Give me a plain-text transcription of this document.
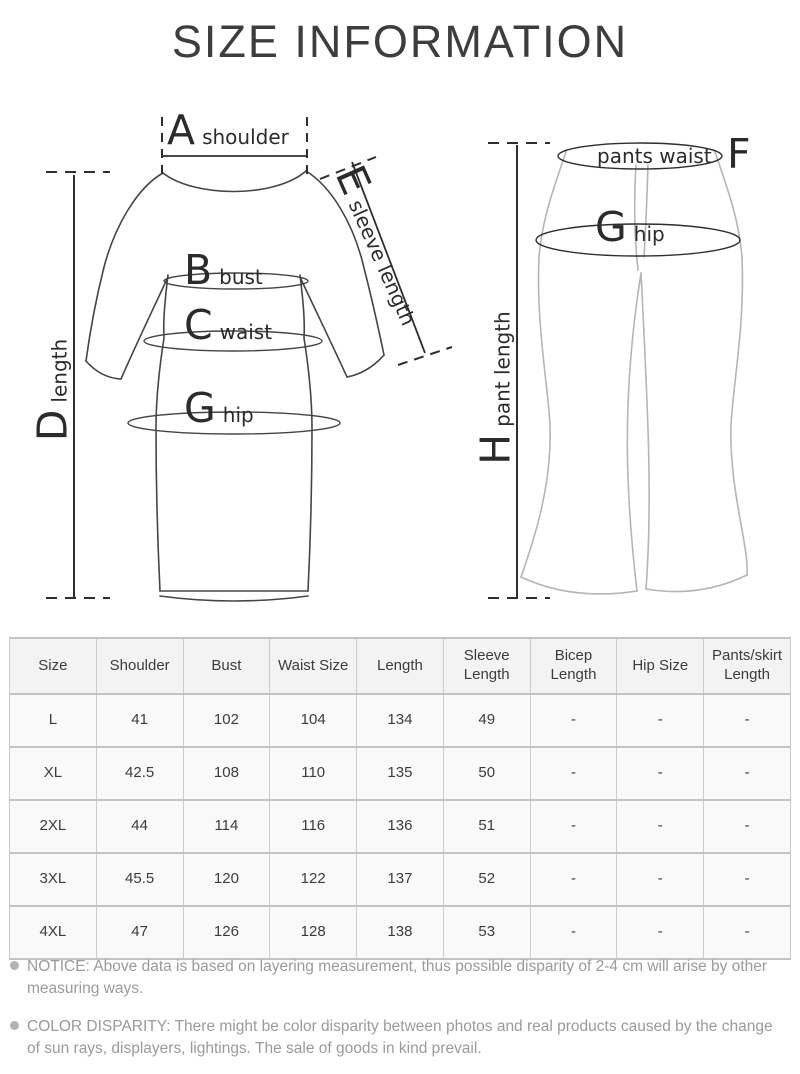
SIZE INFORMATION
A shoulder
B bust
C waist
G hip
D
length
E
sleeve length
pants waist F
G hip
H
pant length
Size	Shoulder	Bust	Waist Size	Length	Sleeve Length	Bicep Length	Hip Size	Pants/skirt Length
L	41	102	104	134	49	-	-	-
XL	42.5	108	110	135	50	-	-	-
2XL	44	114	116	136	51	-	-	-
3XL	45.5	120	122	137	52	-	-	-
4XL	47	126	128	138	53	-	-	-
NOTICE: Above data is based on layering measurement, thus possible disparity of 2-4 cm will arise by other measuring ways.
COLOR DISPARITY: There might be color disparity between photos and real products caused by the change of sun rays, displayers, lightings. The sale of goods in kind prevail.
